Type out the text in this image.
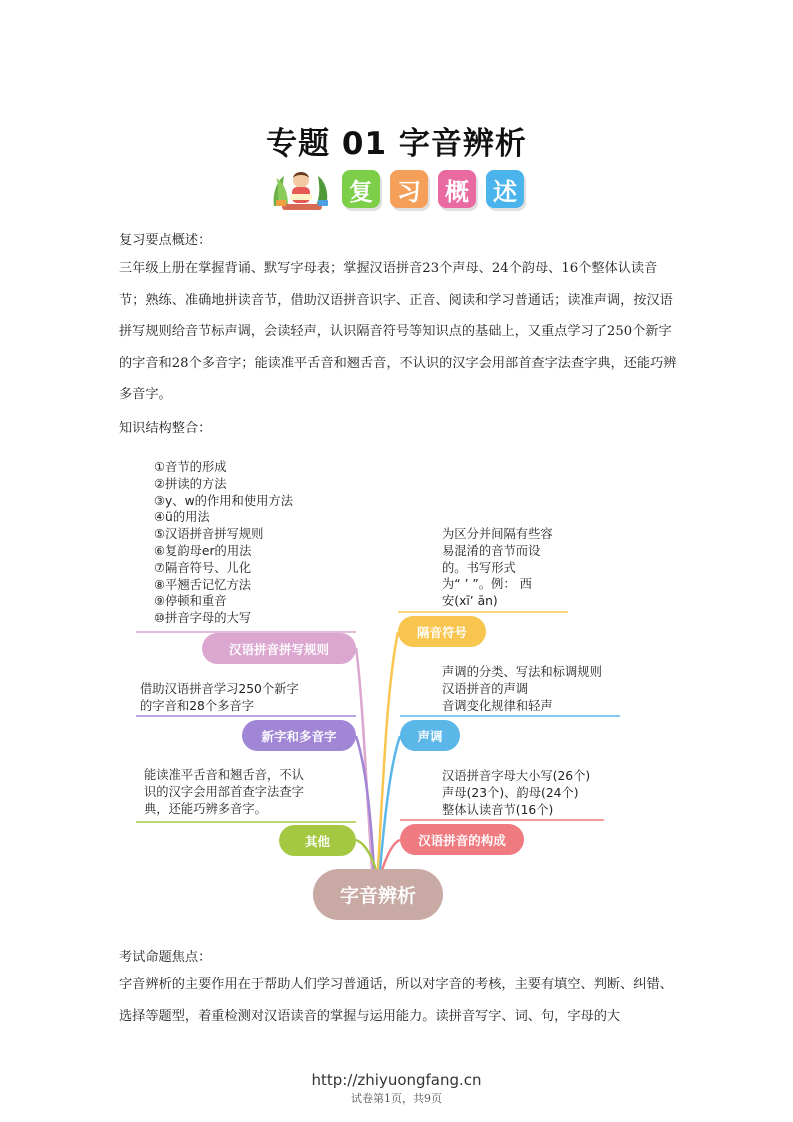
专题 01 字音辨析
复 习 概 述
复习要点概述：
三年级上册在掌握背诵、默写字母表；掌握汉语拼音23个声母、24个韵母、16个整体认读音节；熟练、准确地拼读音节，借助汉语拼音识字、正音、阅读和学习普通话；读准声调，按汉语拼写规则给音节标声调，会读轻声，认识隔音符号等知识点的基础上，又重点学习了250个新字的字音和28个多音字；能读准平舌音和翘舌音，不认识的汉字会用部首查字法查字典，还能巧辨多音字。
知识结构整合：
①音节的形成
②拼读的方法
③y、w的作用和使用方法
④ü的用法
⑤汉语拼音拼写规则
⑥复韵母er的用法
⑦隔音符号、儿化
⑧平翘舌记忆方法
⑨停顿和重音
⑩拼音字母的大写
汉语拼音拼写规则
借助汉语拼音学习250个新字
的字音和28个多音字
新字和多音字
能读准平舌音和翘舌音，不认
识的汉字会用部首查字法查字
典，还能巧辨多音字。
其他
为区分并间隔有些容
易混淆的音节而设
的。书写形式
为“ ’ ”。例： 西
安(xī’ ān)
隔音符号
声调的分类、写法和标调规则
汉语拼音的声调
音调变化规律和轻声
声调
汉语拼音字母大小写(26个)
声母(23个)、韵母(24个)
整体认读音节(16个)
汉语拼音的构成
字音辨析
考试命题焦点：
字音辨析的主要作用在于帮助人们学习普通话，所以对字音的考核，主要有填空、判断、纠错、选择等题型，着重检测对汉语读音的掌握与运用能力。读拼音写字、词、句，字母的大
http://zhiyuongfang.cn
试卷第1页，共9页
